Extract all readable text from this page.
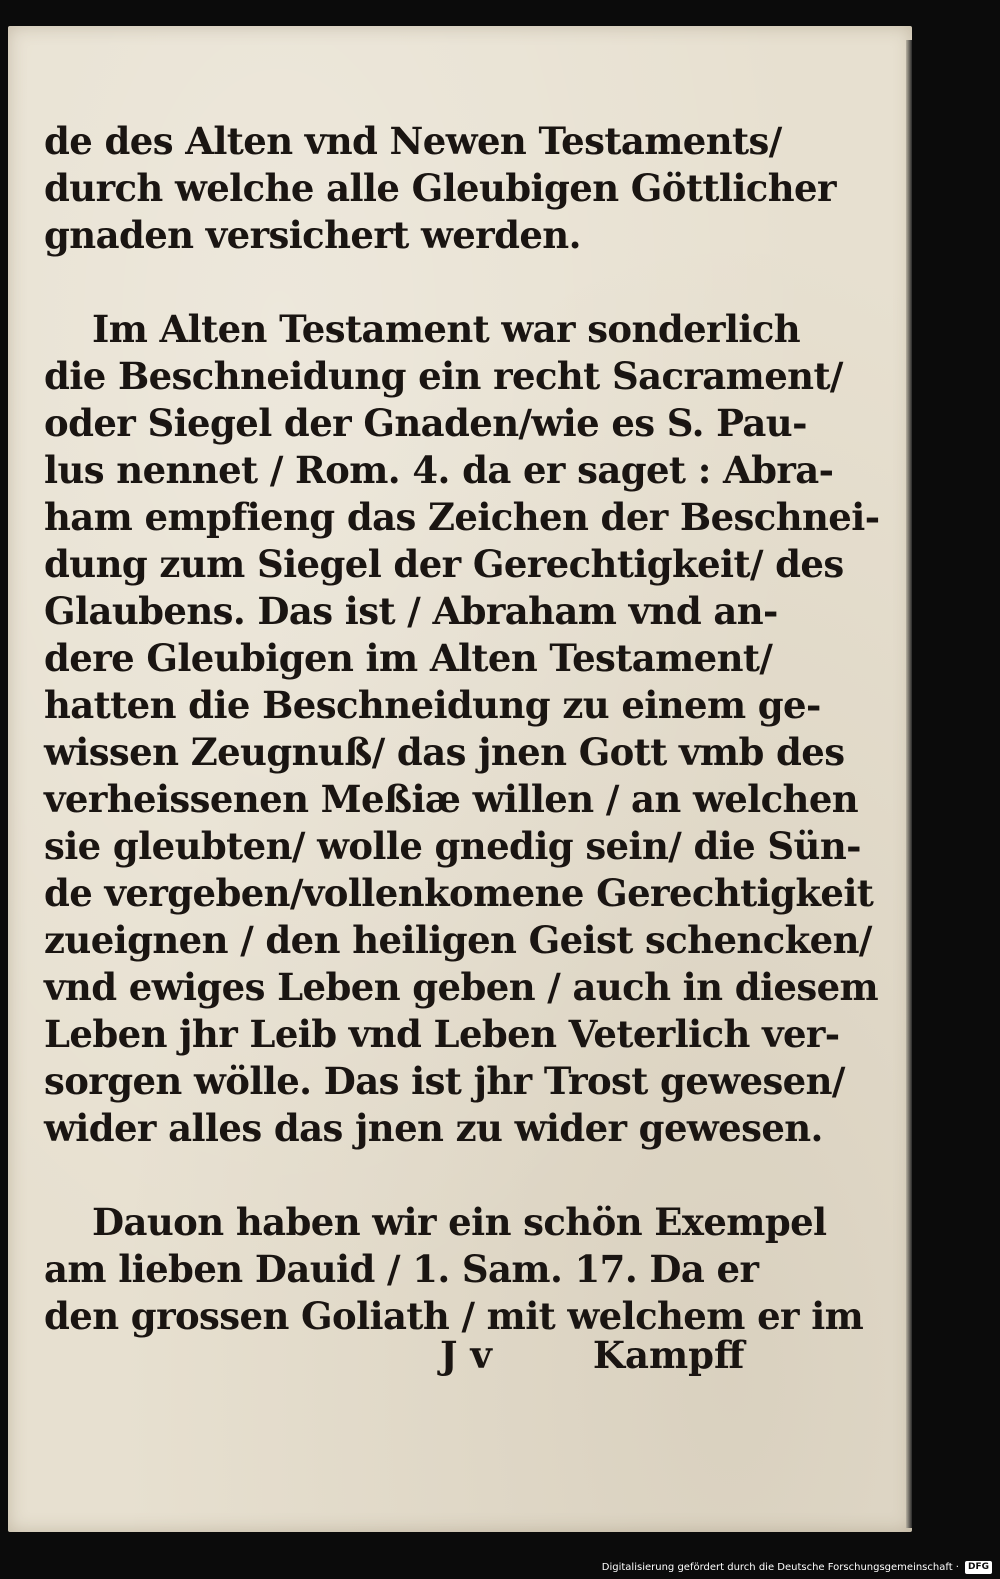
de des Alten vnd Newen Testaments/
durch welche alle Gleubigen Göttlicher
gnaden versichert werden.
Im Alten Testament war sonderlich
die Beschneidung ein recht Sacrament/
oder Siegel der Gnaden/wie es S. Pau-
lus nennet / Rom. 4. da er saget : Abra-
ham empfieng das Zeichen der Beschnei-
dung zum Siegel der Gerechtigkeit/ des
Glaubens. Das ist / Abraham vnd an-
dere Gleubigen im Alten Testament/
hatten die Beschneidung zu einem ge-
wissen Zeugnuß/ das jnen Gott vmb des
verheissenen Meßiæ willen / an welchen
sie gleubten/ wolle gnedig sein/ die Sün-
de vergeben/vollenkomene Gerechtigkeit
zueignen / den heiligen Geist schencken/
vnd ewiges Leben geben / auch in diesem
Leben jhr Leib vnd Leben Veterlich ver-
sorgen wölle. Das ist jhr Trost gewesen/
wider alles das jnen zu wider gewesen.
Dauon haben wir ein schön Exempel
am lieben Dauid / 1. Sam. 17. Da er
den grossen Goliath / mit welchem er im
J v	Kampff
Digitalisierung gefördert durch die Deutsche Forschungsgemeinschaft ·	DFG
